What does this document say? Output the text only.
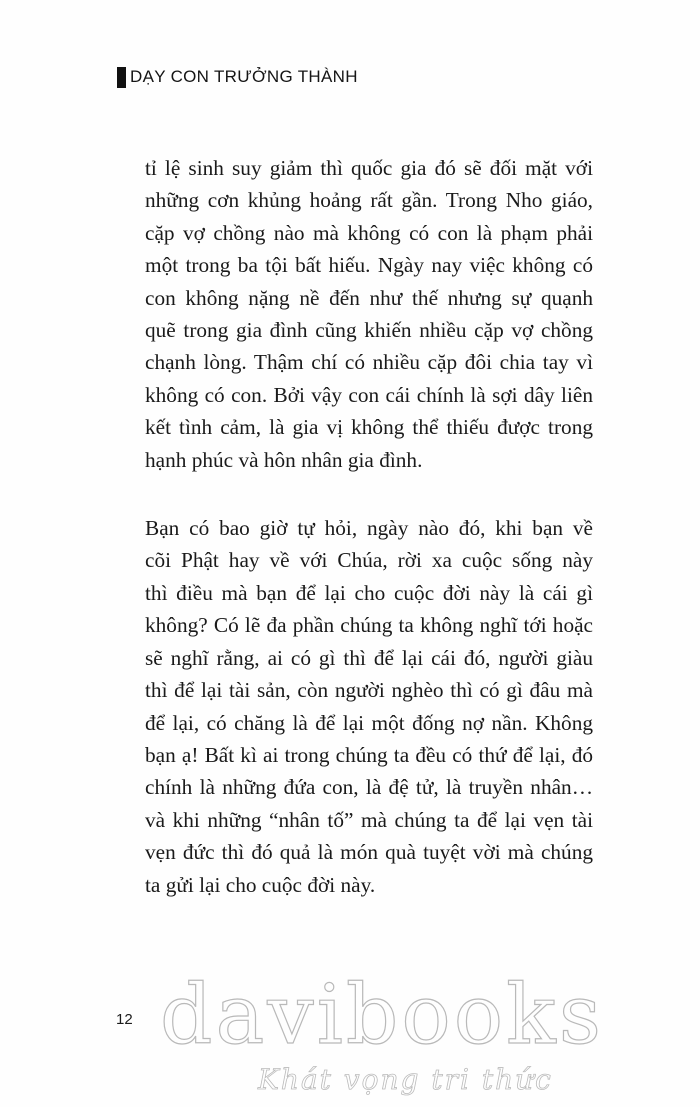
DẠY CON TRƯỞNG THÀNH
tỉ lệ sinh suy giảm thì quốc gia đó sẽ đối mặt với
những cơn khủng hoảng rất gần. Trong Nho giáo,
cặp vợ chồng nào mà không có con là phạm phải
một trong ba tội bất hiếu. Ngày nay việc không có
con không nặng nề đến như thế nhưng sự quạnh
quẽ trong gia đình cũng khiến nhiều cặp vợ chồng
chạnh lòng. Thậm chí có nhiều cặp đôi chia tay vì
không có con. Bởi vậy con cái chính là sợi dây liên
kết tình cảm, là gia vị không thể thiếu được trong
hạnh phúc và hôn nhân gia đình.
Bạn có bao giờ tự hỏi, ngày nào đó, khi bạn về
cõi Phật hay về với Chúa, rời xa cuộc sống này
thì điều mà bạn để lại cho cuộc đời này là cái gì
không? Có lẽ đa phần chúng ta không nghĩ tới hoặc
sẽ nghĩ rằng, ai có gì thì để lại cái đó, người giàu
thì để lại tài sản, còn người nghèo thì có gì đâu mà
để lại, có chăng là để lại một đống nợ nần. Không
bạn ạ! Bất kì ai trong chúng ta đều có thứ để lại, đó
chính là những đứa con, là đệ tử, là truyền nhân…
và khi những “nhân tố” mà chúng ta để lại vẹn tài
vẹn đức thì đó quả là món quà tuyệt vời mà chúng
ta gửi lại cho cuộc đời này.
12 davibooks
Khát vọng tri thức
